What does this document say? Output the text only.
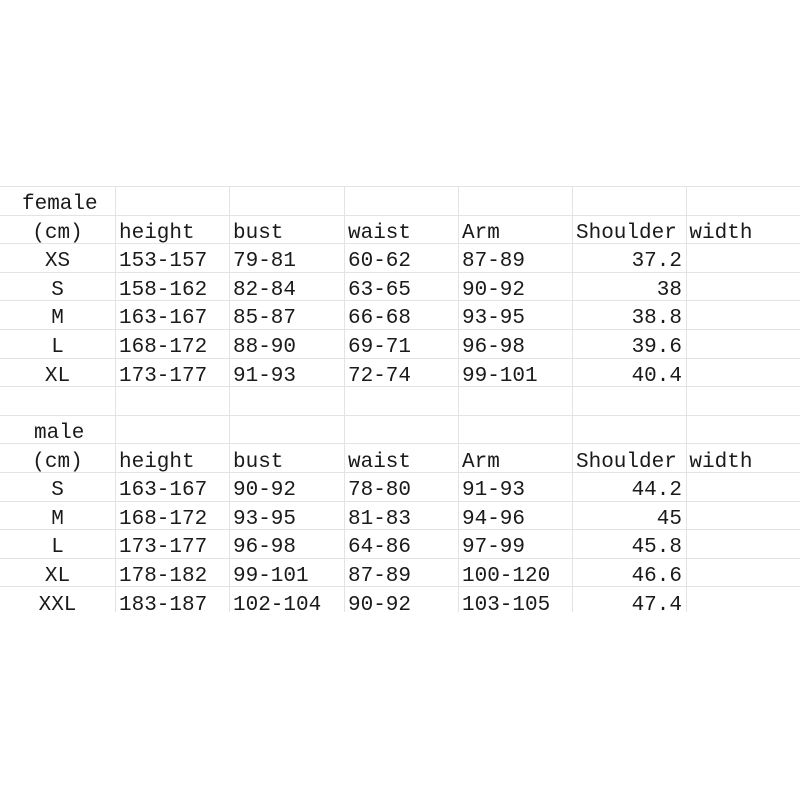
female
(cm)	height	bust	waist	Arm	Shoulder width
XS	153-157	79-81	60-62	87-89	37.2
S	158-162	82-84	63-65	90-92	38
M	163-167	85-87	66-68	93-95	38.8
L	168-172	88-90	69-71	96-98	39.6
XL	173-177	91-93	72-74	99-101	40.4
male
(cm)	height	bust	waist	Arm	Shoulder width
S	163-167	90-92	78-80	91-93	44.2
M	168-172	93-95	81-83	94-96	45
L	173-177	96-98	64-86	97-99	45.8
XL	178-182	99-101	87-89	100-120	46.6
XXL	183-187	102-104	90-92	103-105	47.4
